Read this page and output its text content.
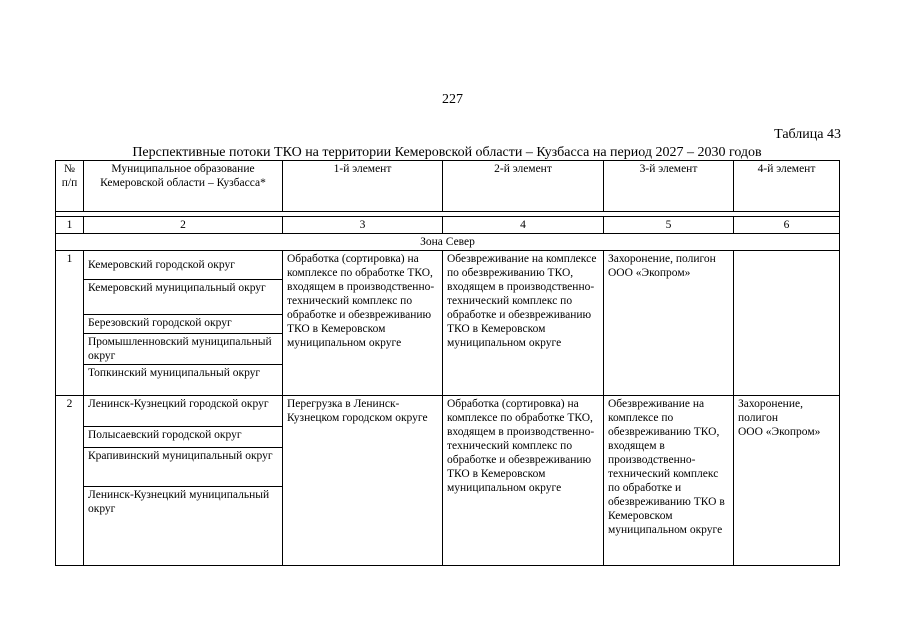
227
Таблица 43
Перспективные потоки ТКО на территории Кемеровской области – Кузбасса на период 2027 – 2030 годов
№ п/п	Муниципальное образование Кемеровской области – Кузбасса*	1-й элемент	2-й элемент	3-й элемент	4-й элемент

1	2	3	4	5	6
Зона Север					
1	Кемеровский городской округ	Обработка (сортировка) на комплексе по обработке ТКО, входящем в производственно-технический комплекс по обработке и обезвреживанию ТКО в Кемеровском муниципальном округе	Обезвреживание на комплексе по обезвреживанию ТКО, входящем в производственно-технический комплекс по обработке и обезвреживанию ТКО в Кемеровском муниципальном округе	Захоронение, полигон
ООО «Экопром»	

	Кемеровский муниципальный округ				
	Березовский городской округ				
	Промышленновский муниципальный округ				
	Топкинский муниципальный округ				
2	Ленинск-Кузнецкий городской округ	Перегрузка в Ленинск-Кузнецком городском округе	Обработка (сортировка) на комплексе по обработке ТКО, входящем в производственно-технический комплекс по обработке и обезвреживанию ТКО в Кемеровском муниципальном округе	Обезвреживание на комплексе по обезвреживанию ТКО, входящем в производственно-технический комплекс по обработке и обезвреживанию ТКО в Кемеровском муниципальном округе	Захоронение, полигон
ООО «Экопром»

	Полысаевский городской округ				
	Крапивинский муниципальный округ				
	Ленинск-Кузнецкий муниципальный округ				
